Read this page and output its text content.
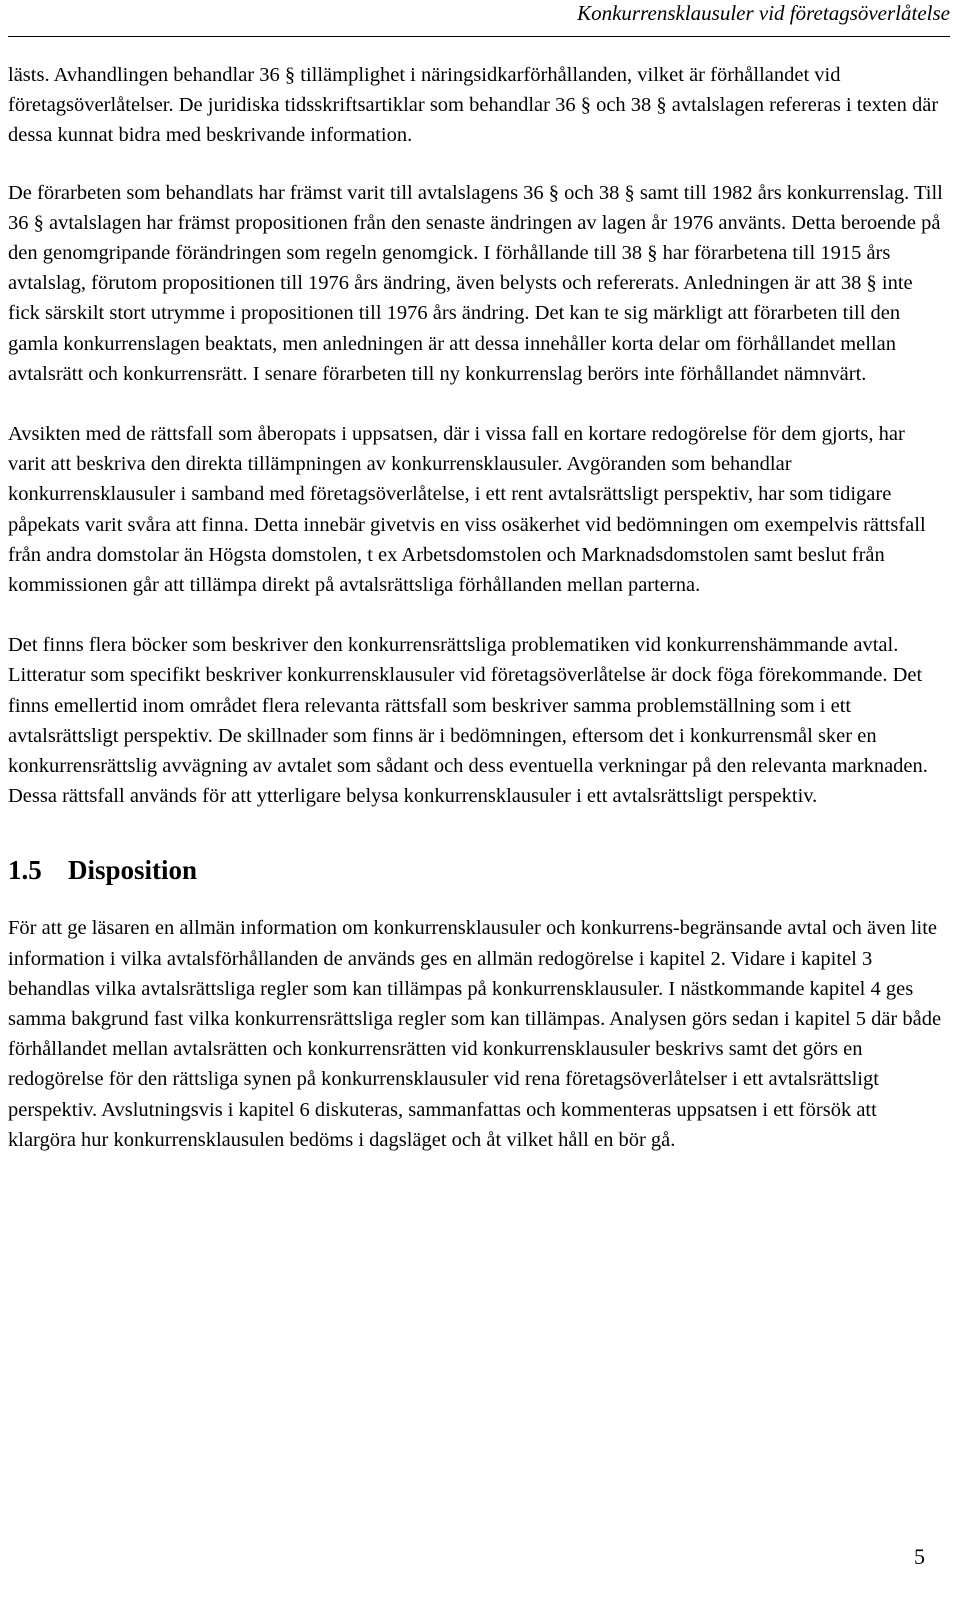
Konkurrensklausuler vid företagsöverlåtelse

lästs. Avhandlingen behandlar 36 § tillämplighet i näringsidkarförhållanden, vilket är förhållandet vid företagsöverlåtelser. De juridiska tidsskriftsartiklar som behandlar 36 § och 38 § avtalslagen refereras i texten där dessa kunnat bidra med beskrivande information.

De förarbeten som behandlats har främst varit till avtalslagens 36 § och 38 § samt till 1982 års konkurrenslag. Till 36 § avtalslagen har främst propositionen från den senaste ändringen av lagen år 1976 använts. Detta beroende på den genomgripande förändringen som regeln genomgick. I förhållande till 38 § har förarbetena till 1915 års avtalslag, förutom propositionen till 1976 års ändring, även belysts och refererats. Anledningen är att 38 § inte fick särskilt stort utrymme i propositionen till 1976 års ändring. Det kan te sig märkligt att förarbeten till den gamla konkurrenslagen beaktats, men anledningen är att dessa innehåller korta delar om förhållandet mellan avtalsrätt och konkurrensrätt. I senare förarbeten till ny konkurrenslag berörs inte förhållandet nämnvärt.

Avsikten med de rättsfall som åberopats i uppsatsen, där i vissa fall en kortare redogörelse för dem gjorts, har varit att beskriva den direkta tillämpningen av konkurrensklausuler. Avgöranden som behandlar konkurrensklausuler i samband med företagsöverlåtelse, i ett rent avtalsrättsligt perspektiv, har som tidigare påpekats varit svåra att finna. Detta innebär givetvis en viss osäkerhet vid bedömningen om exempelvis rättsfall från andra domstolar än Högsta domstolen, t ex Arbetsdomstolen och Marknadsdomstolen samt beslut från kommissionen går att tillämpa direkt på avtalsrättsliga förhållanden mellan parterna.

Det finns flera böcker som beskriver den konkurrensrättsliga problematiken vid konkurrenshämmande avtal. Litteratur som specifikt beskriver konkurrensklausuler vid företagsöverlåtelse är dock föga förekommande. Det finns emellertid inom området flera relevanta rättsfall som beskriver samma problemställning som i ett avtalsrättsligt perspektiv. De skillnader som finns är i bedömningen, eftersom det i konkurrensmål sker en konkurrensrättslig avvägning av avtalet som sådant och dess eventuella verkningar på den relevanta marknaden. Dessa rättsfall används för att ytterligare belysa konkurrensklausuler i ett avtalsrättsligt perspektiv.

1.5 Disposition

För att ge läsaren en allmän information om konkurrensklausuler och konkurrens-begränsande avtal och även lite information i vilka avtalsförhållanden de används ges en allmän redogörelse i kapitel 2. Vidare i kapitel 3 behandlas vilka avtalsrättsliga regler som kan tillämpas på konkurrensklausuler. I nästkommande kapitel 4 ges samma bakgrund fast vilka konkurrensrättsliga regler som kan tillämpas. Analysen görs sedan i kapitel 5 där både förhållandet mellan avtalsrätten och konkurrensrätten vid konkurrensklausuler beskrivs samt det görs en redogörelse för den rättsliga synen på konkurrensklausuler vid rena företagsöverlåtelser i ett avtalsrättsligt perspektiv. Avslutningsvis i kapitel 6 diskuteras, sammanfattas och kommenteras uppsatsen i ett försök att klargöra hur konkurrensklausulen bedöms i dagsläget och åt vilket håll en bör gå.

5
